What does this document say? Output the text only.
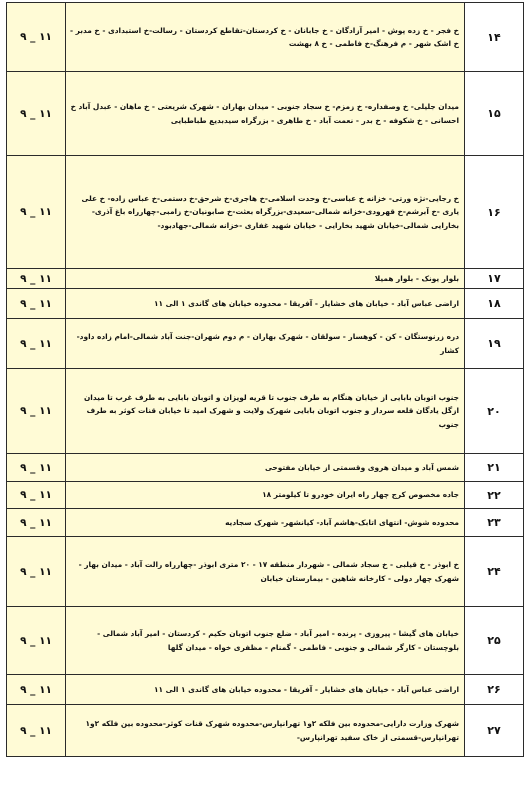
۹ _ ۱۱	خ فجر - خ زده پوش - امیر آزادگان - خ جابانان - خ کردستان-تقاطع کردستان - رسالت-خ استبدادی - خ مدبر - خ اشک شهر - م فرهنگ-خ فاطمی - خ ۸ بهشت	۱۴
۹ _ ۱۱	میدان جلیلی- خ وصفداره- خ زمزم- خ سجاد جنوبی - میدان بهاران - شهرک شریعتی - خ ماهان - عبدل آباد خ احسانی - خ شکوفه - خ بدر - نعمت آباد - خ طاهری - بزرگراه سیدبدیع طباطبایی	۱۵
۹ _ ۱۱	خ رجایی-نژه ورتی- خزانه خ عباسی-خ وحدت اسلامی-خ هاجری-خ شرحق-خ دستمی-خ عباس زاده- خ علی یاری -خ آبرشم-خ قهرودی-خزانه شمالی-سعیدی-بزرگراه بعثت-خ صابونیان-خ زامبی-چهارراه باغ آذری-بخارایی شمالی-خیابان شهید بخارایی - خیابان شهید غفاری -خزانه شمالی-جهادبود-	۱۶
۹ _ ۱۱	بلوار یونک - بلوار همیلا	۱۷
۹ _ ۱۱	اراضی عباس آباد - خیابان های خشایار - آفریقا - محدوده خیابان های گاندی ۱ الی ۱۱	۱۸
۹ _ ۱۱	دره زرنوستگان - کن - کوهسار - سولقان - شهرک بهاران - م دوم شهران-جنت آباد شمالی-امام زاده داود-کشار	۱۹
۹ _ ۱۱	جنوب اتوبان بابایی از خیابان هنگام به طرف جنوب تا قریه لویزان و اتوبان بابایی به طرف غرب تا میدان ازگل یادگان قلعه سردار و جنوب اتوبان بابایی شهرک ولایت و شهرک امید تا خیابان قنات کوثر به طرف جنوب	۲۰
۹ _ ۱۱	شمس آباد و میدان هروی وقسمتی از خیابان مفتوحی	۲۱
۹ _ ۱۱	جاده مخصوص کرج چهار راه ایران خودرو تا کیلومتر ۱۸	۲۲
۹ _ ۱۱	محدوده شوش- انتهای اتابک-هاشم آباد- کیانشهر- شهرک سجادیه	۲۳
۹ _ ۱۱	خ ابوذر - خ قیلبی - خ سجاد شمالی - شهردار منطقه ۱۷ - ۲۰ متری ابوذر -چهارراه رالت آباد - میدان بهار - شهرک چهار دولی - کارخانه شاهین - بیمارستان خیابان	۲۴
۹ _ ۱۱	خیابان های گیشا - پیروزی - پرنده - امیر آباد - ضلع جنوب اتوبان حکیم - کردستان - امیر آباد شمالی - بلوچستان - کارگر شمالی و جنوبی - فاطمی - گمنام - مظفری خواه - میدان گلها	۲۵
۹ _ ۱۱	اراضی عباس آباد - خیابان های خشایار - آفریقا - محدوده خیابان های گاندی ۱ الی ۱۱	۲۶
۹ _ ۱۱	شهرک وزارت دارایی-محدوده بین فلکه ۲و۱ تهرانپارس-محدوده شهرک قنات کوثر-محدوده بین فلکه ۲و۱ تهرانپارس-قسمتی از خاک سفید تهرانپارس-	۲۷
